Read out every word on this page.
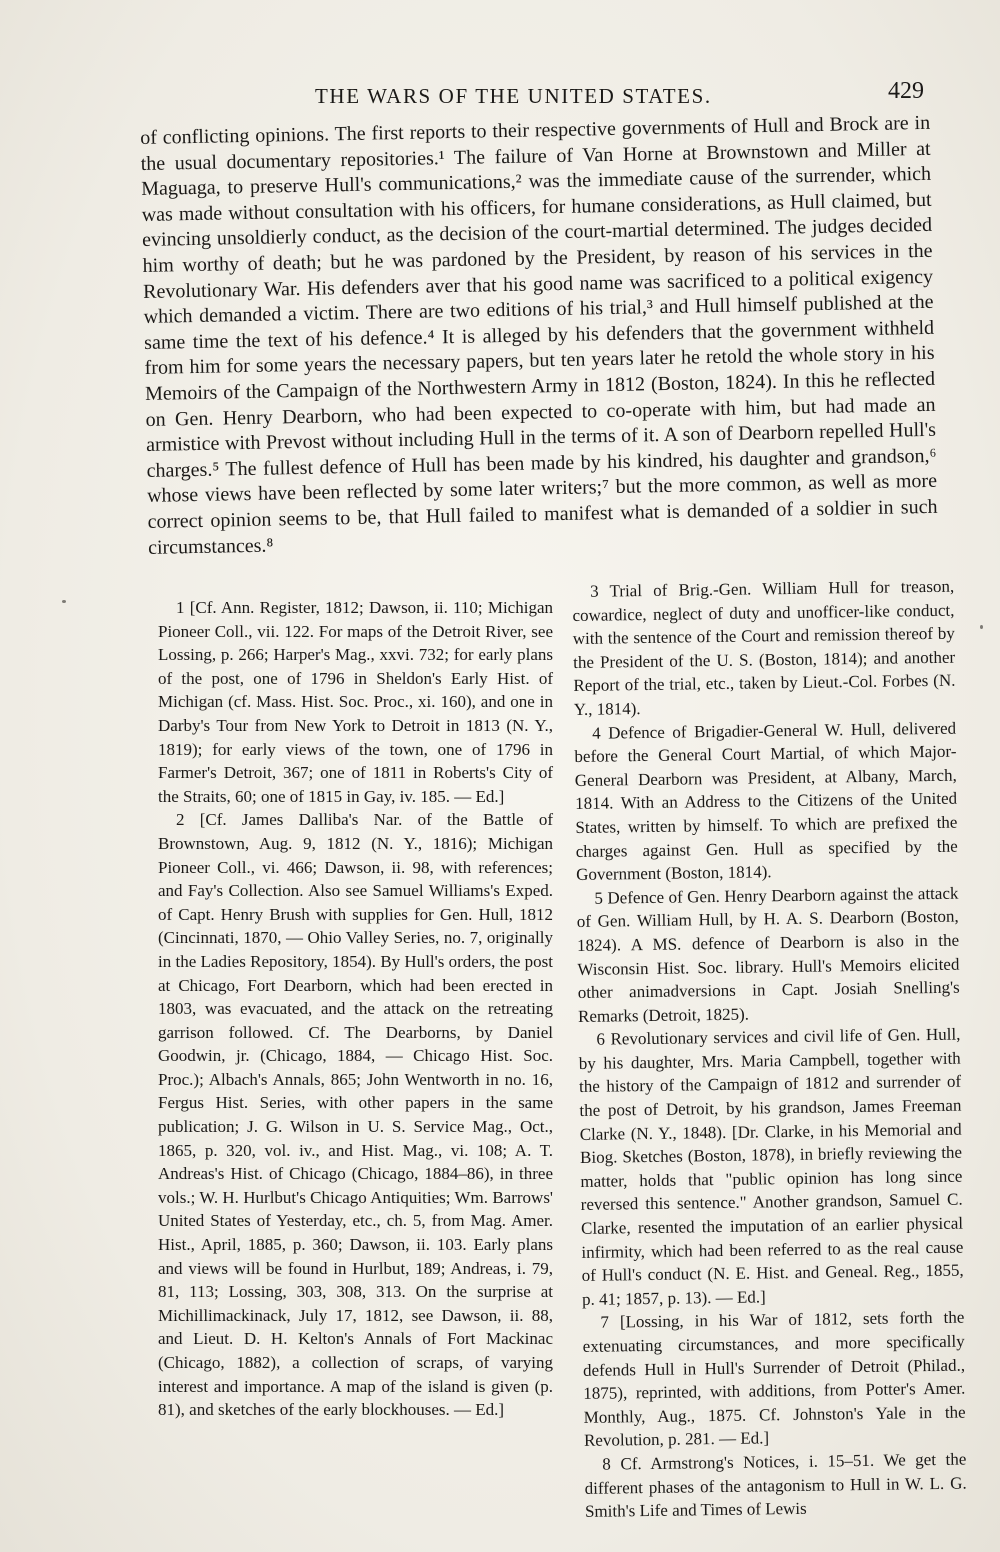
THE WARS OF THE UNITED STATES.	429

of conflicting opinions. The first reports to their respective governments of Hull and Brock are in the usual documentary repositories.¹ The failure of Van Horne at Brownstown and Miller at Maguaga, to preserve Hull's communications,² was the immediate cause of the surrender, which was made without consultation with his officers, for humane considerations, as Hull claimed, but evincing unsoldierly conduct, as the decision of the court-martial determined. The judges decided him worthy of death; but he was pardoned by the President, by reason of his services in the Revolutionary War. His defenders aver that his good name was sacrificed to a political exigency which demanded a victim. There are two editions of his trial,³ and Hull himself published at the same time the text of his defence.⁴ It is alleged by his defenders that the government withheld from him for some years the necessary papers, but ten years later he retold the whole story in his Memoirs of the Campaign of the Northwestern Army in 1812 (Boston, 1824). In this he reflected on Gen. Henry Dearborn, who had been expected to co-operate with him, but had made an armistice with Prevost without including Hull in the terms of it. A son of Dearborn repelled Hull's charges.⁵ The fullest defence of Hull has been made by his kindred, his daughter and grandson,⁶ whose views have been reflected by some later writers;⁷ but the more common, as well as more correct opinion seems to be, that Hull failed to manifest what is demanded of a soldier in such circumstances.⁸

1 [Cf. Ann. Register, 1812; Dawson, ii. 110; Michigan Pioneer Coll., vii. 122. For maps of the Detroit River, see Lossing, p. 266; Harper's Mag., xxvi. 732; for early plans of the post, one of 1796 in Sheldon's Early Hist. of Michigan (cf. Mass. Hist. Soc. Proc., xi. 160), and one in Darby's Tour from New York to Detroit in 1813 (N. Y., 1819); for early views of the town, one of 1796 in Farmer's Detroit, 367; one of 1811 in Roberts's City of the Straits, 60; one of 1815 in Gay, iv. 185. — Ed.]

2 [Cf. James Dalliba's Nar. of the Battle of Brownstown, Aug. 9, 1812 (N. Y., 1816); Michigan Pioneer Coll., vi. 466; Dawson, ii. 98, with references; and Fay's Collection. Also see Samuel Williams's Exped. of Capt. Henry Brush with supplies for Gen. Hull, 1812 (Cincinnati, 1870, — Ohio Valley Series, no. 7, originally in the Ladies Repository, 1854). By Hull's orders, the post at Chicago, Fort Dearborn, which had been erected in 1803, was evacuated, and the attack on the retreating garrison followed. Cf. The Dearborns, by Daniel Goodwin, jr. (Chicago, 1884, — Chicago Hist. Soc. Proc.); Albach's Annals, 865; John Wentworth in no. 16, Fergus Hist. Series, with other papers in the same publication; J. G. Wilson in U. S. Service Mag., Oct., 1865, p. 320, vol. iv., and Hist. Mag., vi. 108; A. T. Andreas's Hist. of Chicago (Chicago, 1884–86), in three vols.; W. H. Hurlbut's Chicago Antiquities; Wm. Barrows' United States of Yesterday, etc., ch. 5, from Mag. Amer. Hist., April, 1885, p. 360; Dawson, ii. 103. Early plans and views will be found in Hurlbut, 189; Andreas, i. 79, 81, 113; Lossing, 303, 308, 313. On the surprise at Michillimackinack, July 17, 1812, see Dawson, ii. 88, and Lieut. D. H. Kelton's Annals of Fort Mackinac (Chicago, 1882), a collection of scraps, of varying interest and importance. A map of the island is given (p. 81), and sketches of the early blockhouses. — Ed.]

3 Trial of Brig.-Gen. William Hull for treason, cowardice, neglect of duty and unofficer-like conduct, with the sentence of the Court and remission thereof by the President of the U. S. (Boston, 1814); and another Report of the trial, etc., taken by Lieut.-Col. Forbes (N. Y., 1814).

4 Defence of Brigadier-General W. Hull, delivered before the General Court Martial, of which Major-General Dearborn was President, at Albany, March, 1814. With an Address to the Citizens of the United States, written by himself. To which are prefixed the charges against Gen. Hull as specified by the Government (Boston, 1814).

5 Defence of Gen. Henry Dearborn against the attack of Gen. William Hull, by H. A. S. Dearborn (Boston, 1824). A MS. defence of Dearborn is also in the Wisconsin Hist. Soc. library. Hull's Memoirs elicited other animadversions in Capt. Josiah Snelling's Remarks (Detroit, 1825).

6 Revolutionary services and civil life of Gen. Hull, by his daughter, Mrs. Maria Campbell, together with the history of the Campaign of 1812 and surrender of the post of Detroit, by his grandson, James Freeman Clarke (N. Y., 1848). [Dr. Clarke, in his Memorial and Biog. Sketches (Boston, 1878), in briefly reviewing the matter, holds that "public opinion has long since reversed this sentence." Another grandson, Samuel C. Clarke, resented the imputation of an earlier physical infirmity, which had been referred to as the real cause of Hull's conduct (N. E. Hist. and Geneal. Reg., 1855, p. 41; 1857, p. 13). — Ed.]

7 [Lossing, in his War of 1812, sets forth the extenuating circumstances, and more specifically defends Hull in Hull's Surrender of Detroit (Philad., 1875), reprinted, with additions, from Potter's Amer. Monthly, Aug., 1875. Cf. Johnston's Yale in the Revolution, p. 281. — Ed.]

8 Cf. Armstrong's Notices, i. 15–51. We get the different phases of the antagonism to Hull in W. L. G. Smith's Life and Times of Lewis
